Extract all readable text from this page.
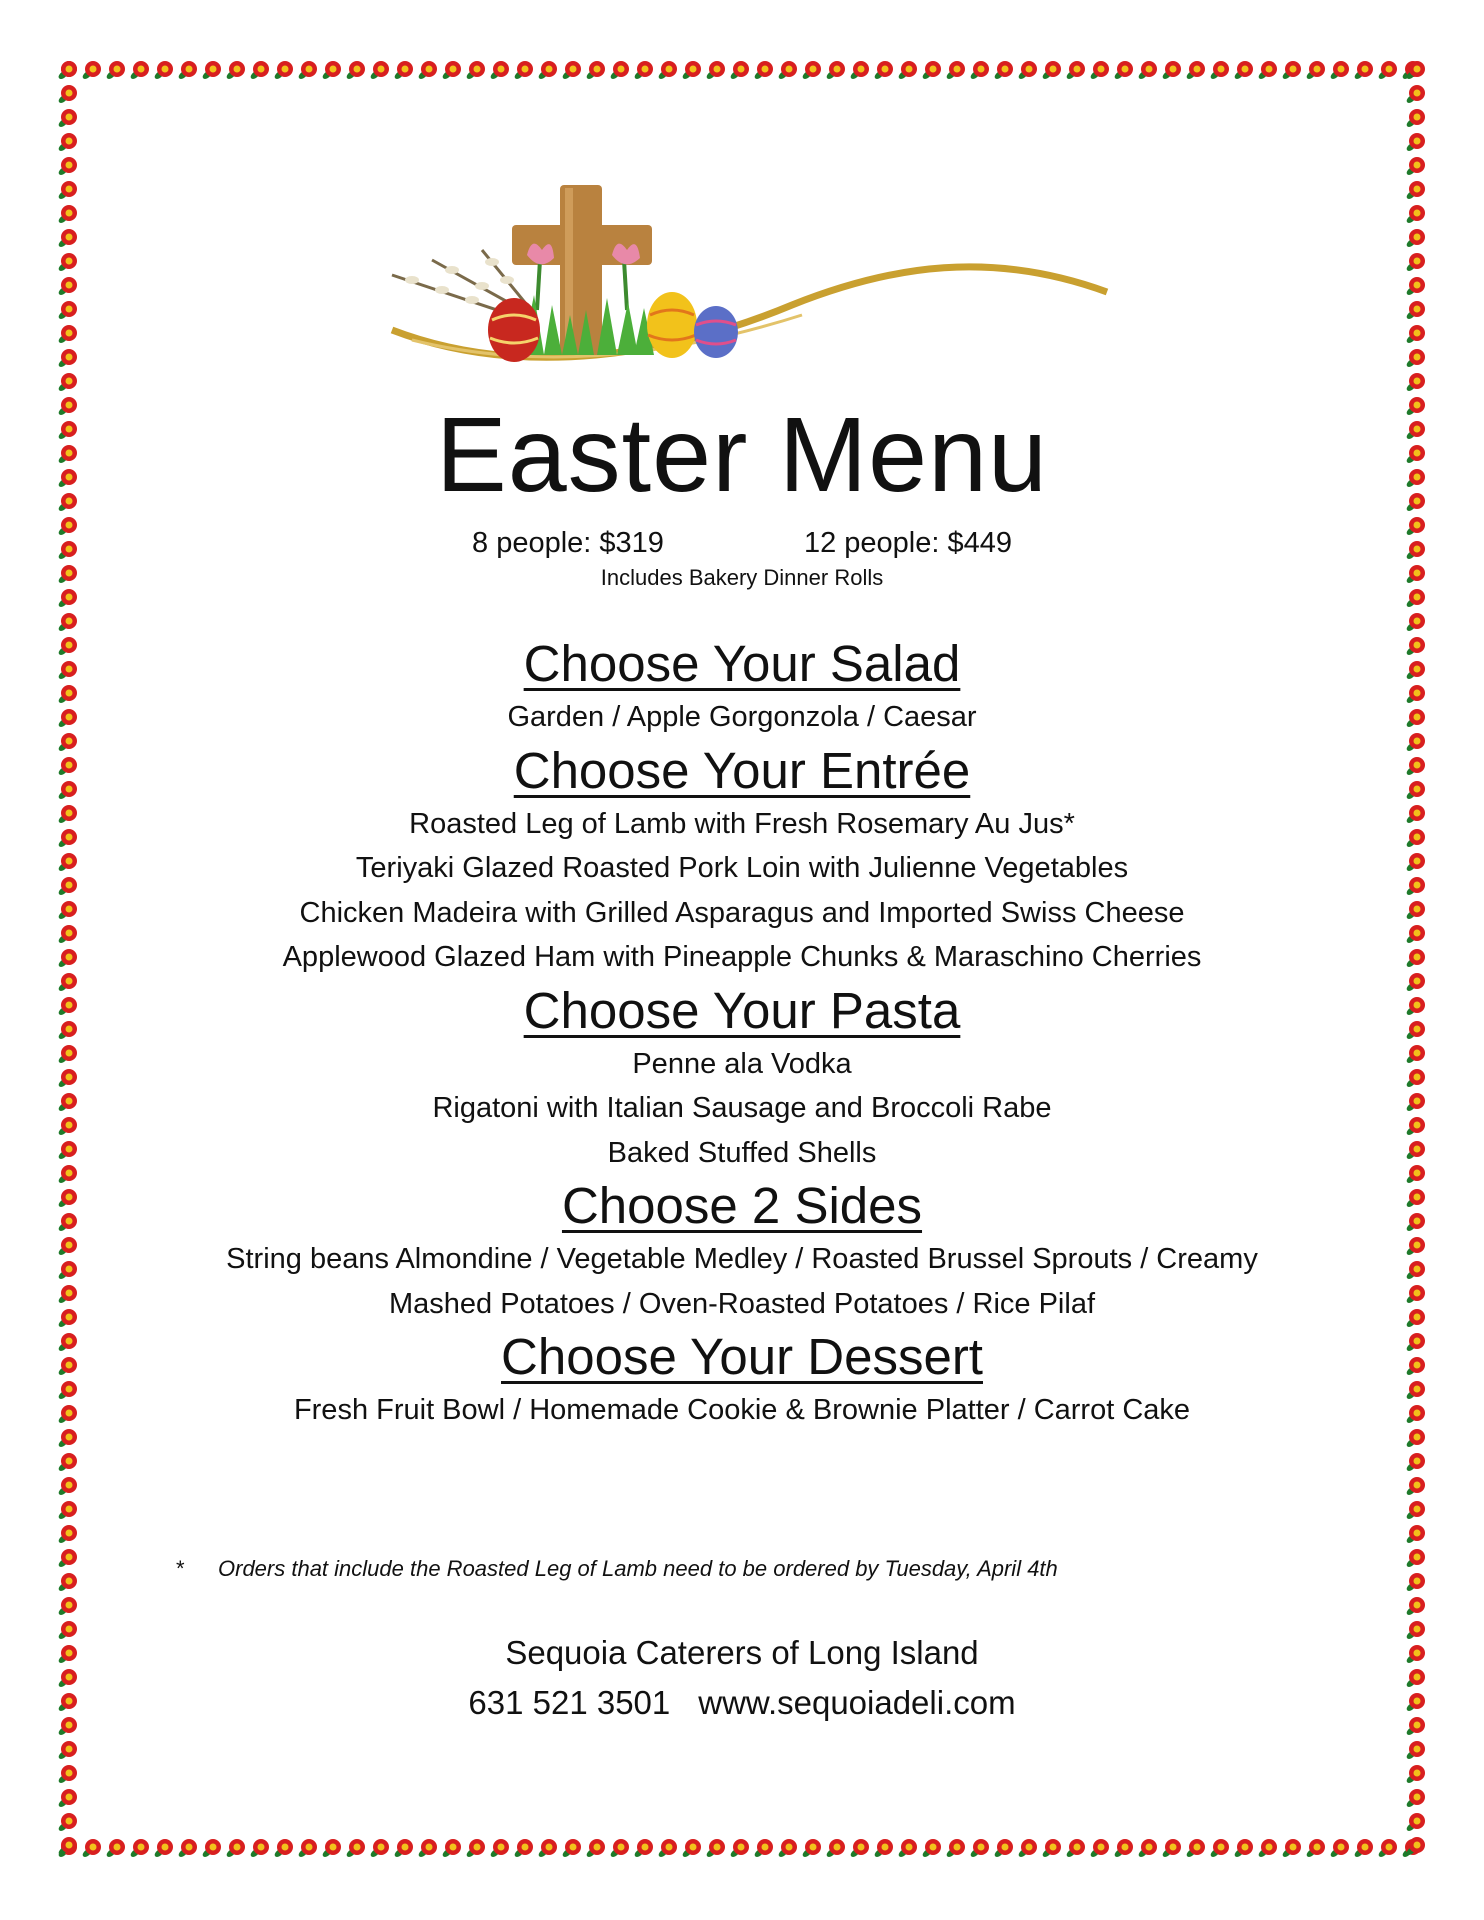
Easter Menu
8 people: $319	12 people: $449
Includes Bakery Dinner Rolls
Choose Your Salad
Garden / Apple Gorgonzola / Caesar
Choose Your Entrée
Roasted Leg of Lamb with Fresh Rosemary Au Jus*
Teriyaki Glazed Roasted Pork Loin with Julienne Vegetables
Chicken Madeira with Grilled Asparagus and Imported Swiss Cheese
Applewood Glazed Ham with Pineapple Chunks & Maraschino Cherries
Choose Your Pasta
Penne ala Vodka
Rigatoni with Italian Sausage and Broccoli Rabe
Baked Stuffed Shells
Choose 2 Sides
String beans Almondine / Vegetable Medley / Roasted Brussel Sprouts / Creamy
Mashed Potatoes / Oven-Roasted Potatoes / Rice Pilaf
Choose Your Dessert
Fresh Fruit Bowl / Homemade Cookie & Brownie Platter / Carrot Cake
* Orders that include the Roasted Leg of Lamb need to be ordered by Tuesday, April 4th
Sequoia Caterers of Long Island
631 521 3501 www.sequoiadeli.com
